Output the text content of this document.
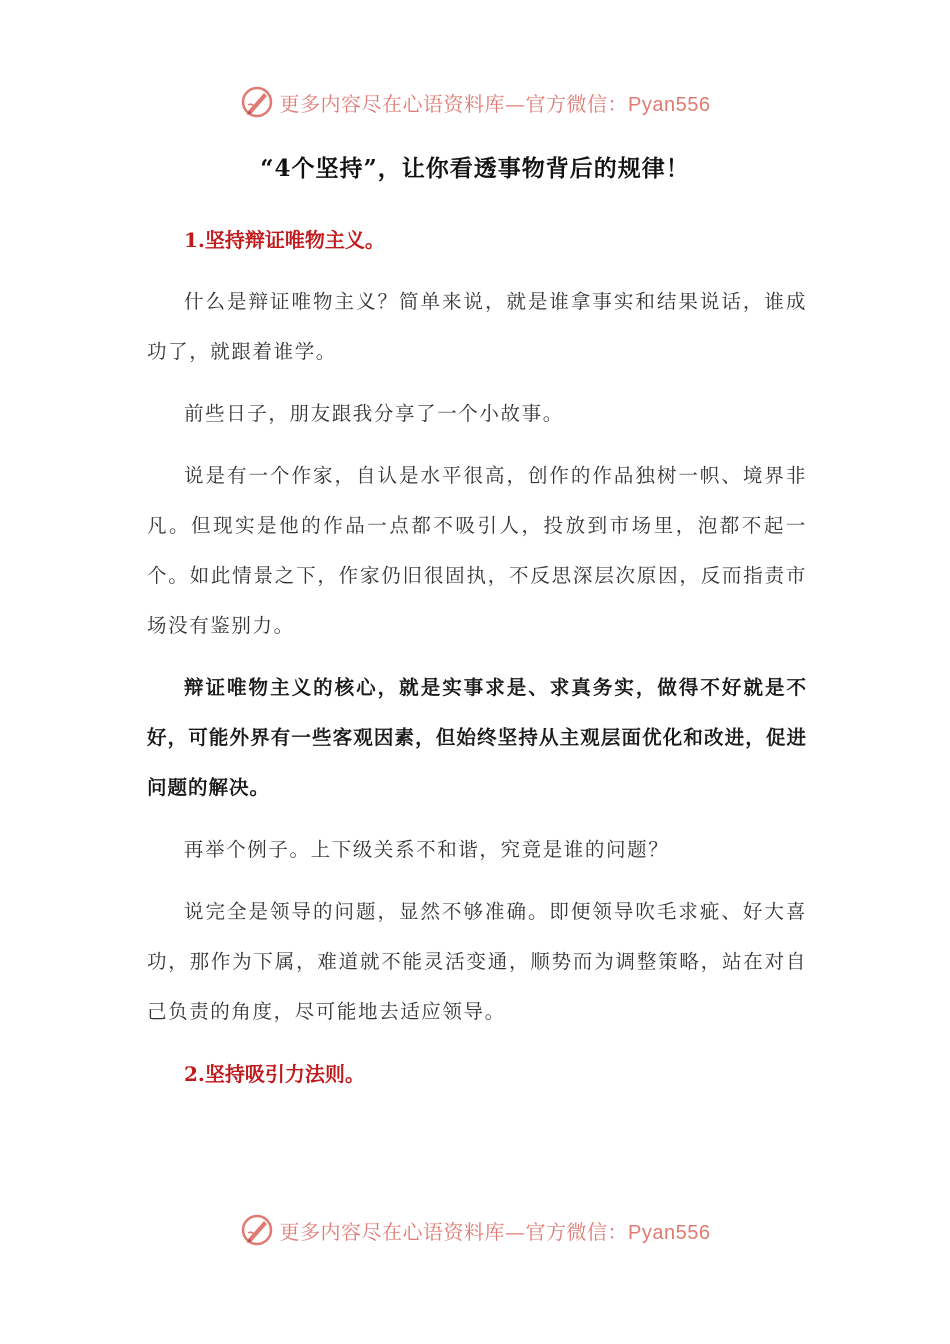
更多内容尽在心语资料库—官方微信：Pyan556
“4个坚持”，让你看透事物背后的规律！
1.坚持辩证唯物主义。

什么是辩证唯物主义？简单来说，就是谁拿事实和结果说话，谁成功了，就跟着谁学。

前些日子，朋友跟我分享了一个小故事。

说是有一个作家，自认是水平很高，创作的作品独树一帜、境界非凡。但现实是他的作品一点都不吸引人，投放到市场里，泡都不起一个。如此情景之下，作家仍旧很固执，不反思深层次原因，反而指责市场没有鉴别力。

辩证唯物主义的核心，就是实事求是、求真务实，做得不好就是不好，可能外界有一些客观因素，但始终坚持从主观层面优化和改进，促进问题的解决。

再举个例子。上下级关系不和谐，究竟是谁的问题？

说完全是领导的问题，显然不够准确。即便领导吹毛求疵、好大喜功，那作为下属，难道就不能灵活变通，顺势而为调整策略，站在对自己负责的角度，尽可能地去适应领导。

2.坚持吸引力法则。
更多内容尽在心语资料库—官方微信：Pyan556
